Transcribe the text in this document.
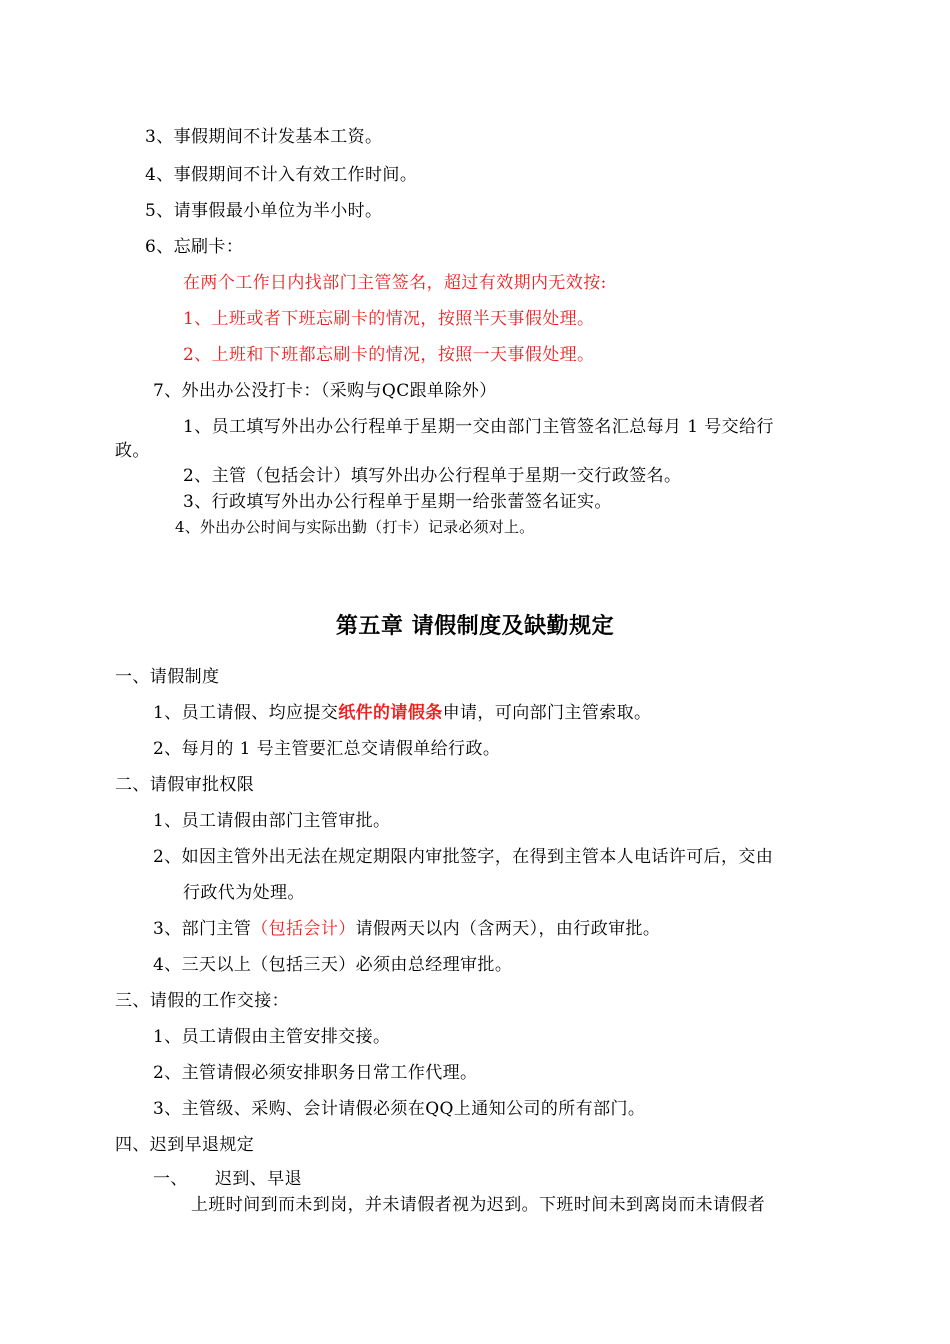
3、事假期间不计发基本工资。
4、事假期间不计入有效工作时间。
5、请事假最小单位为半小时。
6、忘刷卡：
在两个工作日内找部门主管签名，超过有效期内无效按:
1、上班或者下班忘刷卡的情况，按照半天事假处理。
2、上班和下班都忘刷卡的情况，按照一天事假处理。
7、外出办公没打卡：（采购与QC跟单除外）
1、员工填写外出办公行程单于星期一交由部门主管签名汇总每月 1 号交给行
政。
2、主管（包括会计）填写外出办公行程单于星期一交行政签名。
3、行政填写外出办公行程单于星期一给张蕾签名证实。
4、外出办公时间与实际出勤（打卡）记录必须对上。
第五章 请假制度及缺勤规定
一、请假制度
1、员工请假、均应提交纸件的请假条申请，可向部门主管索取。
2、每月的 1 号主管要汇总交请假单给行政。
二、请假审批权限
1、员工请假由部门主管审批。
2、如因主管外出无法在规定期限内审批签字，在得到主管本人电话许可后，交由
行政代为处理。
3、部门主管（包括会计）请假两天以内（含两天），由行政审批。
4、三天以上（包括三天）必须由总经理审批。
三、请假的工作交接：
1、员工请假由主管安排交接。
2、主管请假必须安排职务日常工作代理。
3、主管级、采购、会计请假必须在QQ上通知公司的所有部门。
四、迟到早退规定
一、 迟到、早退
上班时间到而未到岗，并未请假者视为迟到。下班时间未到离岗而未请假者
